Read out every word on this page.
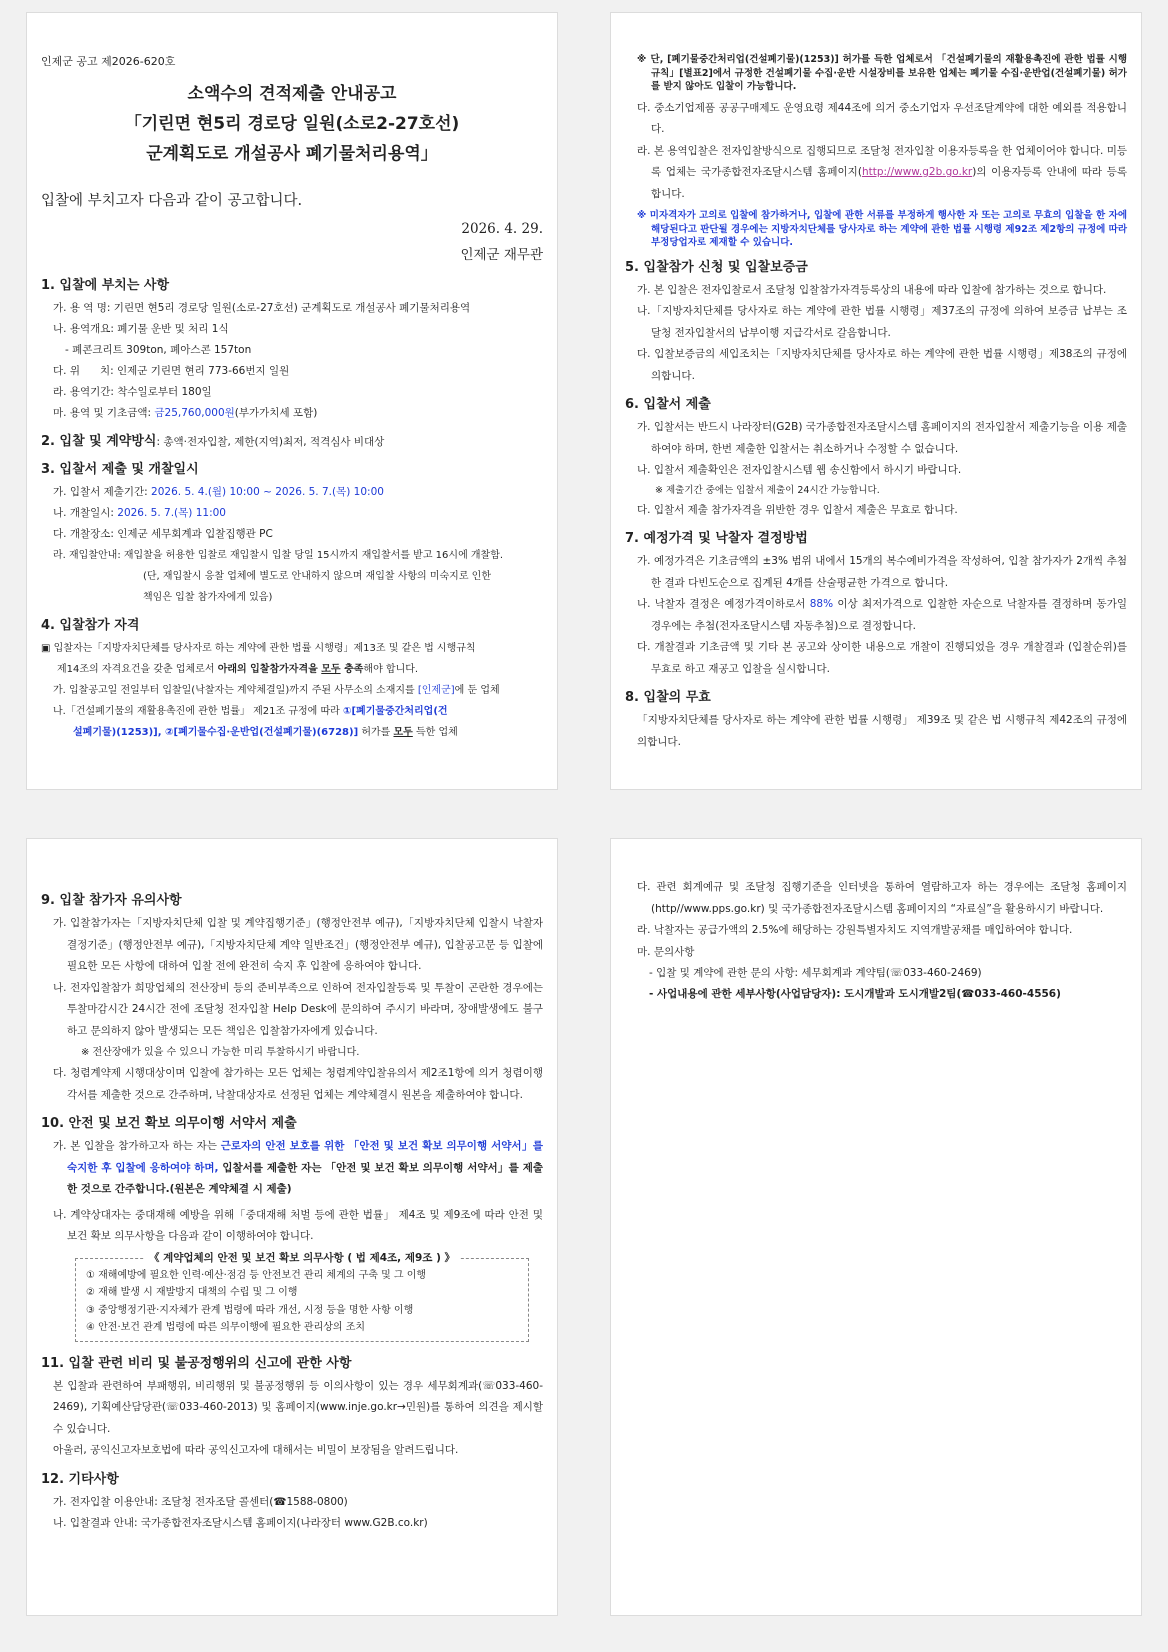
인제군 공고 제2026-620호
소액수의 견적제출 안내공고
「기린면 현5리 경로당 일원(소로2-27호선)
군계획도로 개설공사 폐기물처리용역」
입찰에 부치고자 다음과 같이 공고합니다.
2026. 4. 29.
인제군 재무관
1. 입찰에 부치는 사항
가. 용 역 명: 기린면 현5리 경로당 일원(소로-27호선) 군계획도로 개설공사 폐기물처리용역
나. 용역개요: 폐기물 운반 및 처리 1식
- 폐콘크리트 309ton, 폐아스콘 157ton
다. 위      치: 인제군 기린면 현리 773-66번지 일원
라. 용역기간: 착수일로부터 180일
마. 용역 및 기초금액: 금25,760,000원(부가가치세 포함)
2. 입찰 및 계약방식: 총액·전자입찰, 제한(지역)최저, 적격심사 비대상
3. 입찰서 제출 및 개찰일시
가. 입찰서 제출기간: 2026. 5. 4.(월) 10:00 ~ 2026. 5. 7.(목) 10:00
나. 개찰일시: 2026. 5. 7.(목) 11:00
다. 개찰장소: 인제군 세무회계과 입찰집행관 PC
라. 재입찰안내: 재입찰을 허용한 입찰로 재입찰시 입찰 당일 15시까지 재입찰서를 받고 16시에 개찰함.
(단, 재입찰시 응찰 업체에 별도로 안내하지 않으며 재입찰 사항의 미숙지로 인한
책임은 입찰 참가자에게 있음)
4. 입찰참가 자격
▣ 입찰자는「지방자치단체를 당사자로 하는 계약에 관한 법률 시행령」제13조 및 같은 법 시행규칙
제14조의 자격요건을 갖춘 업체로서 아래의 입찰참가자격을 모두 충족해야 합니다.
가. 입찰공고일 전일부터 입찰일(낙찰자는 계약체결일)까지 주된 사무소의 소재지를 [인제군]에 둔 업체
나.「건설폐기물의 재활용촉진에 관한 법률」 제21조 규정에 따라 ①[폐기물중간처리업(건
설폐기물)(1253)], ②[폐기물수집·운반업(건설폐기물)(6728)] 허가를 모두 득한 업체
※ 단, [폐기물중간처리업(건설폐기물)(1253)] 허가를 득한 업체로서 「건설폐기물의 재활용촉진에 관한 법률 시행규칙」[별표2]에서 규정한 건설폐기물 수집·운반 시설장비를 보유한 업체는 폐기물 수집·운반업(건설폐기물) 허가를 받지 않아도 입찰이 가능합니다.
다. 중소기업제품 공공구매제도 운영요령 제44조에 의거 중소기업자 우선조달계약에 대한 예외를 적용합니다.
라. 본 용역입찰은 전자입찰방식으로 집행되므로 조달청 전자입찰 이용자등록을 한 업체이어야 합니다. 미등록 업체는 국가종합전자조달시스템 홈페이지(http://www.g2b.go.kr)의 이용자등록 안내에 따라 등록합니다.
※ 미자격자가 고의로 입찰에 참가하거나, 입찰에 관한 서류를 부정하게 행사한 자 또는 고의로 무효의 입찰을 한 자에 해당된다고 판단될 경우에는 지방자치단체를 당사자로 하는 계약에 관한 법률 시행령 제92조 제2항의 규정에 따라 부정당업자로 제재할 수 있습니다.
5. 입찰참가 신청 및 입찰보증금
가. 본 입찰은 전자입찰로서 조달청 입찰참가자격등록상의 내용에 따라 입찰에 참가하는 것으로 합니다.
나.「지방자치단체를 당사자로 하는 계약에 관한 법률 시행령」제37조의 규정에 의하여 보증금 납부는 조달청 전자입찰서의 납부이행 지급각서로 갈음합니다.
다. 입찰보증금의 세입조치는「지방자치단체를 당사자로 하는 계약에 관한 법률 시행령」제38조의 규정에 의합니다.
6. 입찰서 제출
가. 입찰서는 반드시 나라장터(G2B) 국가종합전자조달시스템 홈페이지의 전자입찰서 제출기능을 이용 제출하여야 하며, 한번 제출한 입찰서는 취소하거나 수정할 수 없습니다.
나. 입찰서 제출확인은 전자입찰시스템 웹 송신함에서 하시기 바랍니다.
※ 제출기간 중에는 입찰서 제출이 24시간 가능합니다.
다. 입찰서 제출 참가자격을 위반한 경우 입찰서 제출은 무효로 합니다.
7. 예정가격 및 낙찰자 결정방법
가. 예정가격은 기초금액의 ±3% 범위 내에서 15개의 복수예비가격을 작성하여, 입찰 참가자가 2개씩 추첨한 결과 다빈도순으로 집계된 4개를 산술평균한 가격으로 합니다.
나. 낙찰자 결정은 예정가격이하로서 88% 이상 최저가격으로 입찰한 자순으로 낙찰자를 결정하며 동가일 경우에는 추첨(전자조달시스템 자동추첨)으로 결정합니다.
다. 개찰결과 기초금액 및 기타 본 공고와 상이한 내용으로 개찰이 진행되었을 경우 개찰결과 (입찰순위)를 무효로 하고 재공고 입찰을 실시합니다.
8. 입찰의 무효
「지방자치단체를 당사자로 하는 계약에 관한 법률 시행령」 제39조 및 같은 법 시행규칙 제42조의 규정에 의합니다.
9. 입찰 참가자 유의사항
가. 입찰참가자는「지방자치단체 입찰 및 계약집행기준」(행정안전부 예규),「지방자치단체 입찰시 낙찰자 결정기준」(행정안전부 예규),「지방자치단체 계약 일반조건」(행정안전부 예규), 입찰공고문 등 입찰에 필요한 모든 사항에 대하여 입찰 전에 완전히 숙지 후 입찰에 응하여야 합니다.
나. 전자입찰참가 희망업체의 전산장비 등의 준비부족으로 인하여 전자입찰등록 및 투찰이 곤란한 경우에는 투찰마감시간 24시간 전에 조달청 전자입찰 Help Desk에 문의하여 주시기 바라며, 장애발생에도 불구하고 문의하지 않아 발생되는 모든 책임은 입찰참가자에게 있습니다.
※ 전산장애가 있을 수 있으니 가능한 미리 투찰하시기 바랍니다.
다. 청렴계약제 시행대상이며 입찰에 참가하는 모든 업체는 청렴계약입찰유의서 제2조1항에 의거 청렴이행각서를 제출한 것으로 간주하며, 낙찰대상자로 선정된 업체는 계약체결시 원본을 제출하여야 합니다.
10. 안전 및 보건 확보 의무이행 서약서 제출
가. 본 입찰을 참가하고자 하는 자는 근로자의 안전 보호를 위한 「안전 및 보건 확보 의무이행 서약서」를 숙지한 후 입찰에 응하여야 하며, 입찰서를 제출한 자는 「안전 및 보건 확보 의무이행 서약서」를 제출한 것으로 간주합니다.(원본은 계약체결 시 제출)
나. 계약상대자는 중대재해 예방을 위해「중대재해 처벌 등에 관한 법률」 제4조 및 제9조에 따라 안전 및 보건 확보 의무사항을 다음과 같이 이행하여야 합니다.
《 계약업체의 안전 및 보건 확보 의무사항 ( 법 제4조, 제9조 ) 》
① 재해예방에 필요한 인력·예산·점검 등 안전보건 관리 체계의 구축 및 그 이행
② 재해 발생 시 재발방지 대책의 수립 및 그 이행
③ 중앙행정기관·지자체가 관계 법령에 따라 개선, 시정 등을 명한 사항 이행
④ 안전·보건 관계 법령에 따른 의무이행에 필요한 관리상의 조치
11. 입찰 관련 비리 및 불공정행위의 신고에 관한 사항
본 입찰과 관련하여 부패행위, 비리행위 및 불공정행위 등 이의사항이 있는 경우 세무회계과(☏033-460-2469), 기획예산담당관(☏033-460-2013) 및 홈페이지(www.inje.go.kr→민원)를 통하여 의견을 제시할 수 있습니다.
아울러, 공익신고자보호법에 따라 공익신고자에 대해서는 비밀이 보장됨을 알려드립니다.
12. 기타사항
가. 전자입찰 이용안내: 조달청 전자조달 콜센터(☎1588-0800)
나. 입찰결과 안내: 국가종합전자조달시스템 홈페이지(나라장터 www.G2B.co.kr)
다. 관련 회계예규 및 조달청 집행기준을 인터넷을 통하여 열람하고자 하는 경우에는 조달청 홈페이지 (http//www.pps.go.kr) 및 국가종합전자조달시스템 홈페이지의 “자료실”을 활용하시기 바랍니다.
라. 낙찰자는 공급가액의 2.5%에 해당하는 강원특별자치도 지역개발공채를 매입하여야 합니다.
마. 문의사항
- 입찰 및 계약에 관한 문의 사항: 세무회계과 계약팀(☏033-460-2469)
- 사업내용에 관한 세부사항(사업담당자): 도시개발과 도시개발2팀(☎033-460-4556)
